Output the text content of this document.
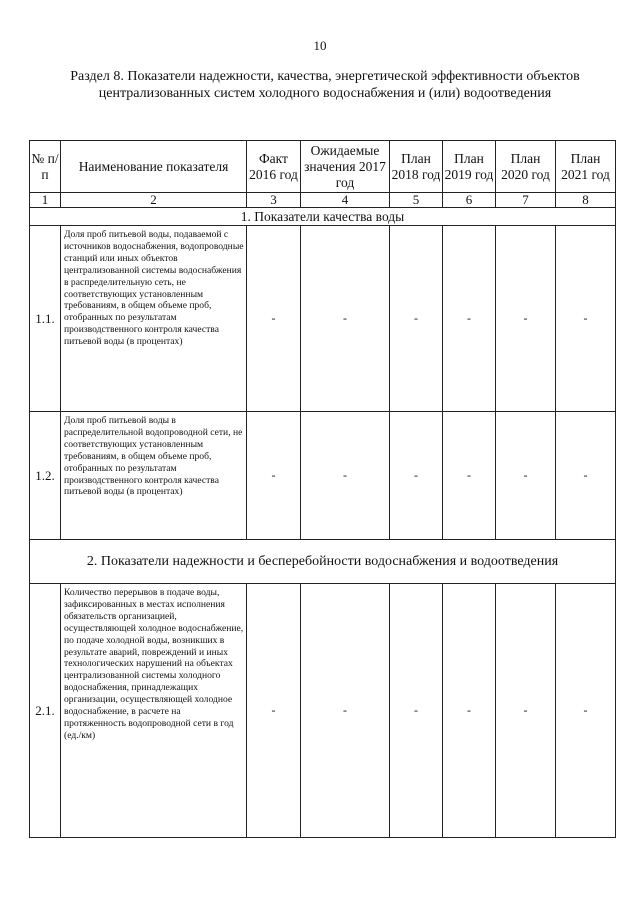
10
Раздел 8. Показатели надежности, качества, энергетической эффективности объектов централизованных систем холодного водоснабжения и (или) водоотведения
№ п/п	Наименование показателя	Факт 2016 год	Ожидаемые значения 2017 год	План 2018 год	План 2019 год	План 2020 год	План 2021 год
1	2	3	4	5	6	7	8
1. Показатели качества воды							
1.1.	Доля проб питьевой воды, подаваемой с источников водоснабжения, водопроводные станций или иных объектов централизованной системы водоснабжения в распределительную сеть, не соответствующих установленным требованиям, в общем объеме проб, отобранных по результатам производственного контроля качества питьевой воды (в процентах)	-	-	-	-	-	-
1.2.	Доля проб питьевой воды в распределительной водопроводной сети, не соответствующих установленным требованиям, в общем объеме проб, отобранных по результатам производственного контроля качества питьевой воды (в процентах)	-	-	-	-	-	-
2. Показатели надежности и бесперебойности водоснабжения и водоотведения							
2.1.	Количество перерывов в подаче воды, зафиксированных в местах исполнения обязательств организацией, осуществляющей холодное водоснабжение, по подаче холодной воды, возникших в результате аварий, повреждений и иных технологических нарушений на объектах централизованной системы холодного водоснабжения, принадлежащих организации, осуществляющей холодное водоснабжение, в расчете на протяженность водопроводной сети в год (ед./км)	-	-	-	-	-	-
